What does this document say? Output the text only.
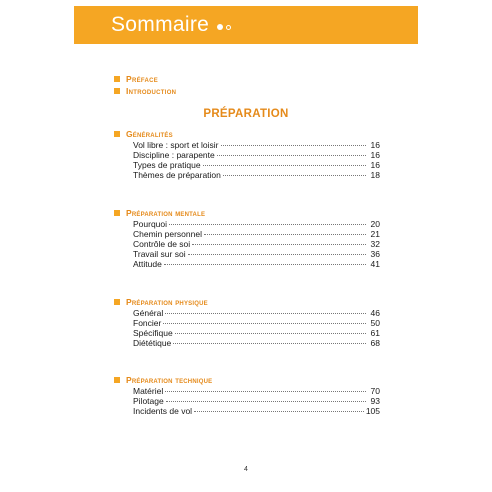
Sommaire
Préface
Introduction
PRÉPARATION
Généralités
Vol libre : sport et loisir	16
Discipline : parapente	16
Types de pratique	16
Thèmes de préparation	18
Préparation mentale
Pourquoi	20
Chemin personnel	21
Contrôle de soi	32
Travail sur soi	36
Attitude	41
Préparation physique
Général	46
Foncier	50
Spécifique	61
Diététique	68
Préparation technique
Matériel	70
Pilotage	93
Incidents de vol	105
4
